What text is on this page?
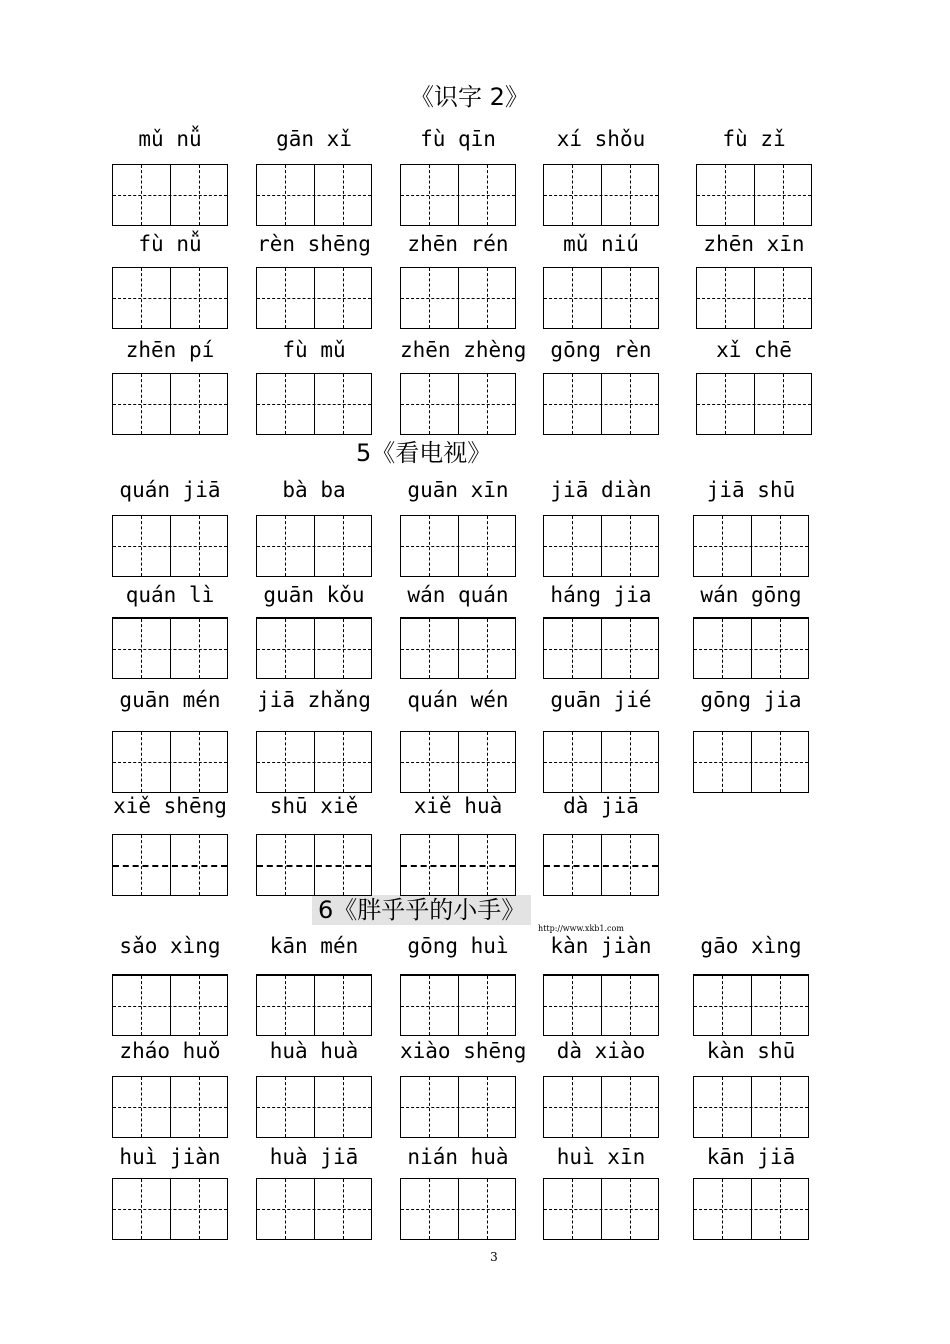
《识字 2》
5《看电视》
6《胖乎乎的小手》
http://www.xkb1.com
mǔ nǚ	gān xǐ	fù qīn	xí shǒu	fù zǐ
fù nǚ	rèn shēng	zhēn rén	mǔ niú	zhēn xīn
zhēn pí	fù mǔ	zhēn zhèng	gōng rèn	xǐ chē
quán jiā	bà ba	guān xīn	jiā diàn	jiā shū
quán lì	guān kǒu	wán quán	háng jia	wán gōng
guān mén	jiā zhǎng	quán wén	guān jié	gōng jia
xiě shēng	shū xiě	xiě huà	dà jiā
sǎo xìng	kān mén	gōng huì	kàn jiàn	gāo xìng
zháo huǒ	huà huà	xiào shēng	dà xiào	kàn shū
huì jiàn	huà jiā	nián huà	huì xīn	kān jiā
3
